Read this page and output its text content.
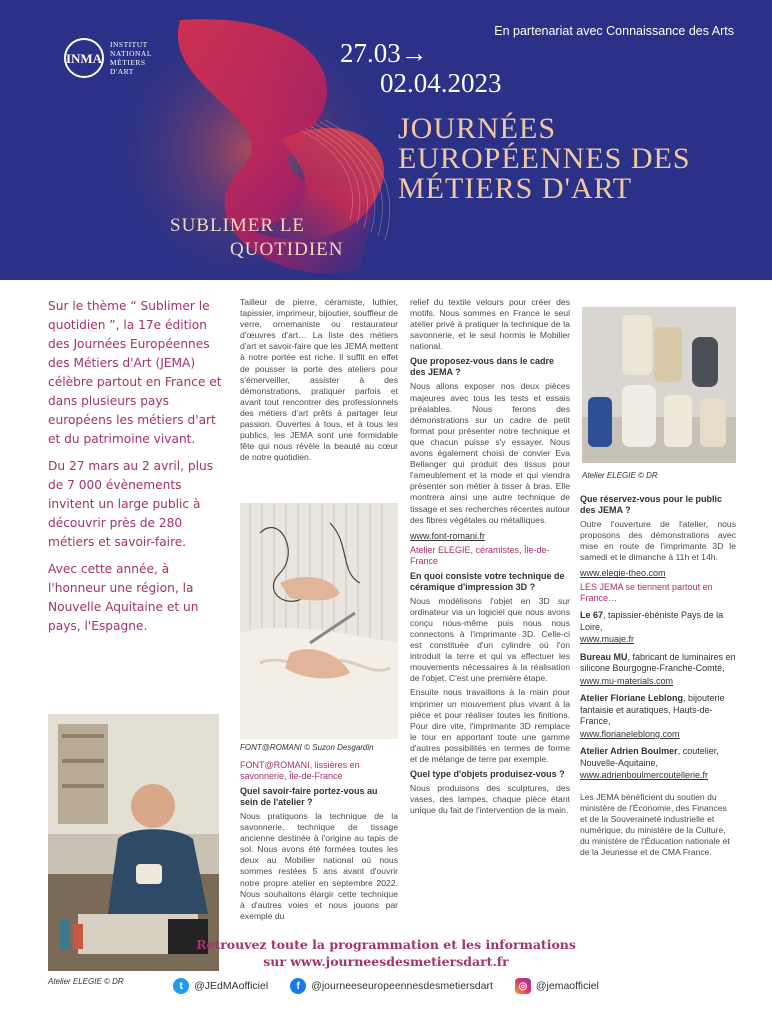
En partenariat avec Connaissance des Arts
INMA
INSTITUT
NATIONAL
MÉTIERS
D'ART
27.03→
02.04.2023
JOURNÉES
EUROPÉENNES DES
MÉTIERS D'ART
SUBLIMER LE
QUOTIDIEN

Sur le thème “ Sublimer le quotidien ”, la 17e édition des Journées Européennes des Métiers d'Art (JEMA) célèbre partout en France et dans plusieurs pays européens les métiers d'art et du patrimoine vivant.

Du 27 mars au 2 avril, plus de 7 000 évènements invitent un large public à découvrir près de 280 métiers et savoir-faire.

Avec cette année, à l'honneur une région, la Nouvelle Aquitaine et un pays, l'Espagne.

Atelier ELEGIE © DR
Tailleur de pierre, céramiste, luthier, tapissier, imprimeur, bijoutier, souffleur de verre, ornemaniste ou restaurateur d'œuvres d'art… La liste des métiers d'art et savoir-faire que les JEMA mettent à notre portée est riche. Il suffit en effet de pousser la porte des ateliers pour s'émerveiller, assister à des démonstrations, pratiquer parfois et avant tout rencontrer des professionnels des métiers d'art prêts à partager leur passion. Ouvertes à tous, et à tous les publics, les JEMA sont une formidable fête qui nous révèle la beauté au cœur de notre quotidien.
FONT@ROMANI © Suzon Desgardin
FONT@ROMANI, lissières en savonnerie, Île-de-France
Quel savoir-faire portez-vous au sein de l'atelier ?
Nous pratiquons la technique de la savonnerie, technique de tissage ancienne destinée à l'origine au tapis de sol. Nous avons été formées toutes les deux au Mobilier national où nous sommes restées 5 ans avant d'ouvrir notre propre atelier en septembre 2022. Nous souhaitons élargir cette technique à d'autres voies et nous jouons par exemple du
relief du textile velours pour créer des motifs. Nous sommes en France le seul atelier privé à pratiquer la technique de la savonnerie, et le seul hormis le Mobilier national.
Que proposez-vous dans le cadre des JEMA ?
Nous allons exposer nos deux pièces majeures avec tous les tests et essais préalables. Nous ferons des démonstrations sur un cadre de petit format pour présenter notre technique et que chacun puisse s'y essayer. Nous avons également choisi de convier Eva Bellanger qui produit des tissus pour l'ameublement et la mode et qui viendra présenter son métier à tisser à bras. Elle montrera ainsi une autre technique de tissage et ses recherches récentes autour des fibres végétales ou métalliques.
www.font-romani.fr
Atelier ELEGIE, céramistes, Île-de-France
En quoi consiste votre technique de céramique d'impression 3D ?
Nous modélisons l'objet en 3D sur ordinateur via un logiciel que nous avons conçu nous-même puis nous nous connectons à l'imprimante 3D. Celle-ci est constituée d'un cylindre où l'on introduit la terre et qui va effectuer les mouvements nécessaires à la réalisation de l'objet. C'est une première étape.
Ensuite nous travaillons à la main pour imprimer un mouvement plus vivant à la pièce et pour réaliser toutes les finitions. Pour dire vite, l'imprimante 3D remplace le tour en apportant toute une gamme d'autres possibilités en termes de forme et de mélange de terre par exemple.
Quel type d'objets produisez-vous ?
Nous produisons des sculptures, des vases, des lampes, chaque pièce étant unique du fait de l'intervention de la main.
Atelier ELEGIE © DR
Que réservez-vous pour le public des JEMA ?
Outre l'ouverture de l'atelier, nous proposons des démonstrations avec mise en route de l'imprimante 3D le samedi et le dimanche à 11h et 14h.
www.elegie-theo.com
LES JEMA se tiennent partout en France…
Le 67, tapissier-ébéniste Pays de la Loire,
www.muaje.fr
Bureau MU, fabricant de luminaires en silicone Bourgogne-Franche-Comté,
www.mu-materials.com
Atelier Floriane Leblong, bijouterie fantaisie et auratiques, Hauts-de-France,
www.florianeleblong.com
Atelier Adrien Boulmer, coutelier, Nouvelle-Aquitaine,
www.adrienboulmercoutellerie.fr
Les JEMA bénéficient du soutien du ministère de l'Économie, des Finances et de la Souveraineté industrielle et numérique, du ministère de la Culture, du ministère de l'Éducation nationale et de la Jeunesse et de CMA France.
Retrouvez toute la programmation et les informations
sur www.journeesdesmetiersdart.fr
t	@JEdMAofficiel	f	@journeeseuropeennesdesmetiersdart	◎ @jemaofficiel
